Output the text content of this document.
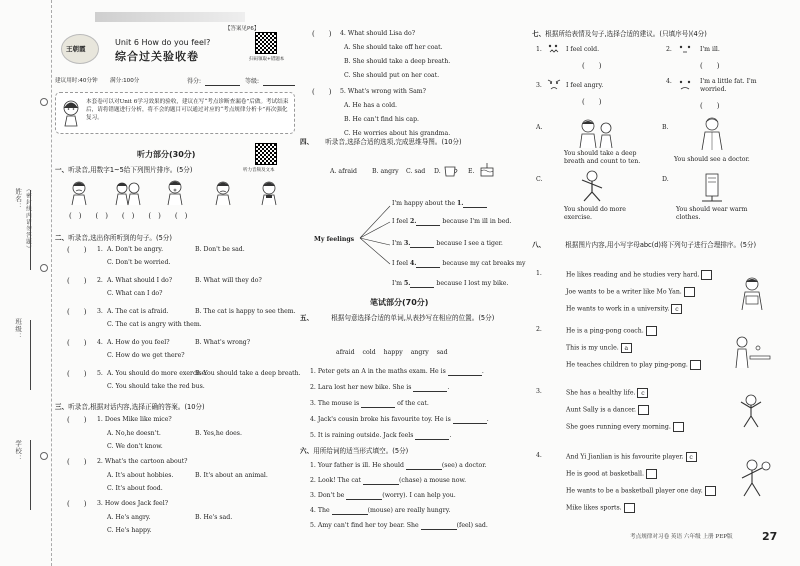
姓名： （密封线内请勿答题）
班级：
学校：
【答案见P6】
王朝霞
Unit 6 How do you feel?
综合过关验收卷	扫码领取+错题本
建议用时:40分钟 满分:100分	得分:	等级:
本套卷可以对Unit 6学习效果的验收，建议在写“考点诊断查漏卷”后做。考试结束后，请将错题进行分析，将不会的题目可以通过对应的“考点规律分析卡”再次强化复习。
听力部分(30分)
听力音频及文本
一、听录音,用数字1~5给下列图片排序。(5分)
(　)　　(　)　　(　)　　(　)　　(　)
二、听录音,选出你所听到的句子。(5分)
(　　) 1. A. Don't be angry.	B. Don't be sad.
C. Don't be worried.
(　　) 2. A. What should I do?	B. What will they do?
C. What can I do?
(　　) 3. A. The cat is afraid.	B. The cat is happy to see them.
C. The cat is angry with them.
(　　) 4. A. How do you feel?	B. What's wrong?
C. How do we get there?
(　　) 5. A. You should do more exercise.
B. You should take a deep breath.
C. You should take the red bus.
三、听录音,根据对话内容,选择正确的答案。(10分)
(　　) 1. Does Mike like mice?
A. No,he doesn't.	B. Yes,he does.
C. We don't know.
(　　) 2. What's the cartoon about?
A. It's about hobbies.	B. It's about an animal.
C. It's about food.
(　　) 3. How does Jack feel?
A. He's angry.	B. He's sad.
C. He's happy.
(　　) 4. What should Lisa do?
A. She should take off her coat.
B. She should take a deep breath.
C. She should put on her coat.
(　　) 5. What's wrong with Sam?
A. He has a cold.
B. He can't find his cap.
C. He worries about his grandma.
四、 听录音,选择合适的选项,完成思维导图。(10分)
A. afraid B. angry C. sad D.	E.
My feelings
I'm happy about the 1.
I feel 2.	because I'm ill in bed.
I'm 3.	because I see a tiger.
I feel 4.	because my cat breaks my
I'm 5.	because I lost my bike.
笔试部分(70分)
五、	根据句意选择合适的单词,从表抄写在相应的位置。(5分)
afraid cold happy angry sad
1. Peter gets an A in the maths exam. He is	.
2. Lara lost her new bike. She is	.
3. The mouse is	of the cat.
4. Jack's cousin broke his favourite toy. He is	.
5. It is raining outside. Jack feels	.
六、用所给词的适当形式填空。(5分)
1. Your father is ill. He should	(see) a doctor.
2. Look! The cat	(chase) a mouse now.
3. Don't be	(worry). I can help you.
4. The	(mouse) are really hungry.
5. Amy can't find her toy bear. She	(feel) sad.
七、根据所给表情及句子,选择合适的建议。(只填序号)(4分)
1.	I feel cold.	2.	I'm ill.
(　　)	(　　)
3.	I feel angry.
4.	I'm a little fat. I'm worried.
(　　)	(　　)
A.	B.
You should take a deep breath and count to ten.	You should see a doctor.
C.	D.
You should do more exercise.
You should wear warm clothes.
八、	根据图片内容,用小写字母abc(d)将下列句子进行合理排序。(5分)
1.	He likes reading and he studies very hard.
Joe wants to be a writer like Mo Yan.
He wants to work in a university. c
2.	He is a ping-pong coach.
This is my uncle. a
He teaches children to play ping-pong.
3.	She has a healthy life. c
Aunt Sally is a dancer.
She goes running every morning.
4.	And Yi Jianlian is his favourite player. c
He is good at basketball.
He wants to be a basketball player one day.
Mike likes sports.
考点规律对习卷 英语 六年级 上册 PEP版	27
